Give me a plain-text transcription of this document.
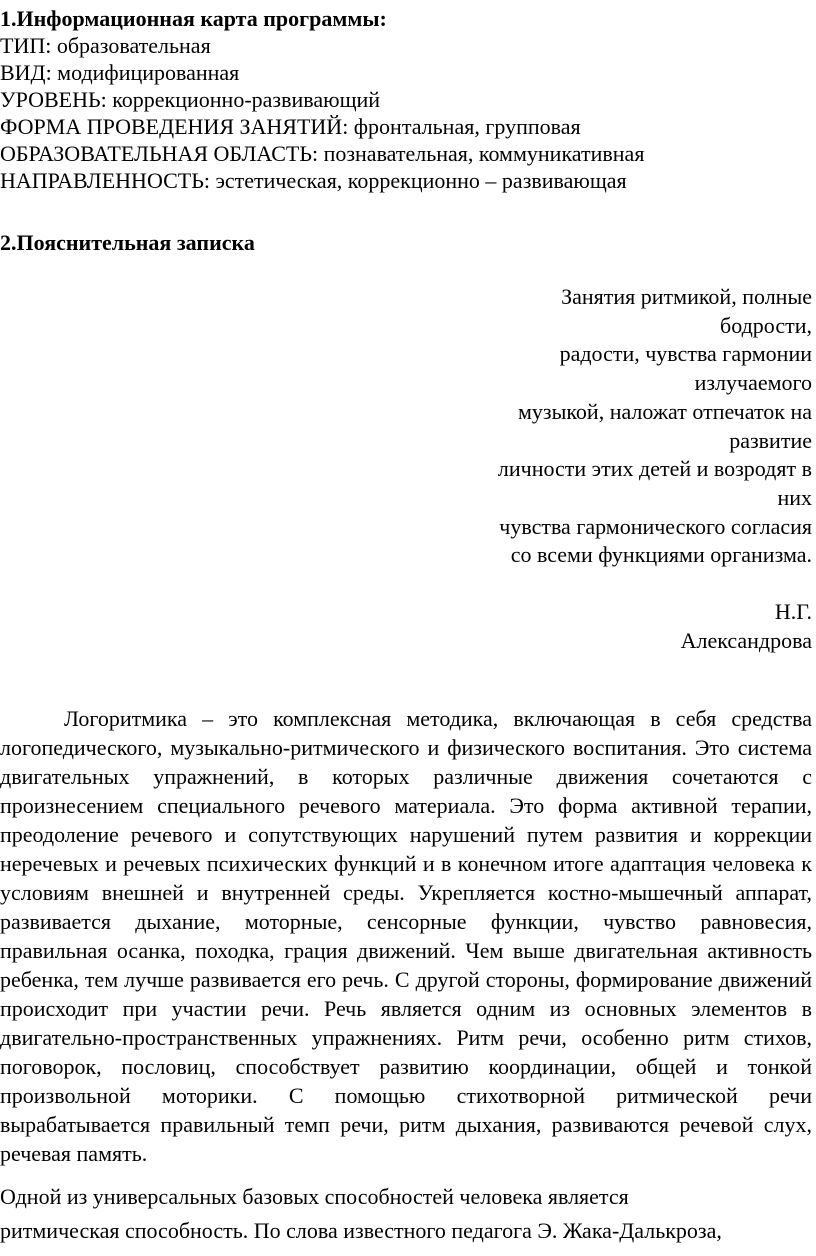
1.Информационная карта программы:
ТИП: образовательная
ВИД: модифицированная
УРОВЕНЬ: коррекционно-развивающий
ФОРМА ПРОВЕДЕНИЯ ЗАНЯТИЙ: фронтальная, групповая
ОБРАЗОВАТЕЛЬНАЯ ОБЛАСТЬ: познавательная, коммуникативная
НАПРАВЛЕННОСТЬ: эстетическая, коррекционно – развивающая
2.Пояснительная записка
Занятия ритмикой, полные
бодрости,
радости, чувства гармонии
излучаемого
музыкой, наложат отпечаток на
развитие
личности этих детей и возродят в
них
чувства гармонического согласия
со всеми функциями организма.
Н.Г.
Александрова

Логоритмика – это комплексная методика, включающая в себя средства логопедического, музыкально-ритмического и физического воспитания. Это система двигательных упражнений, в которых различные движения сочетаются с произнесением специального речевого материала. Это форма активной терапии, преодоление речевого и сопутствующих нарушений путем развития и коррекции неречевых и речевых психических функций и в конечном итоге адаптация человека к условиям внешней и внутренней среды. Укрепляется костно-мышечный аппарат, развивается дыхание, моторные, сенсорные функции, чувство равновесия, правильная осанка, походка, грация движений. Чем выше двигательная активность ребенка, тем лучше развивается его речь. С другой стороны, формирование движений происходит при участии речи. Речь является одним из основных элементов в двигательно-пространственных упражнениях. Ритм речи, особенно ритм стихов, поговорок, пословиц, способствует развитию координации, общей и тонкой произвольной моторики. С помощью стихотворной ритмической речи вырабатывается правильный темп речи, ритм дыхания, развиваются речевой слух, речевая память.

Одной из универсальных базовых способностей человека является
ритмическая способность. По слова известного педагога Э. Жака-Далькроза,
